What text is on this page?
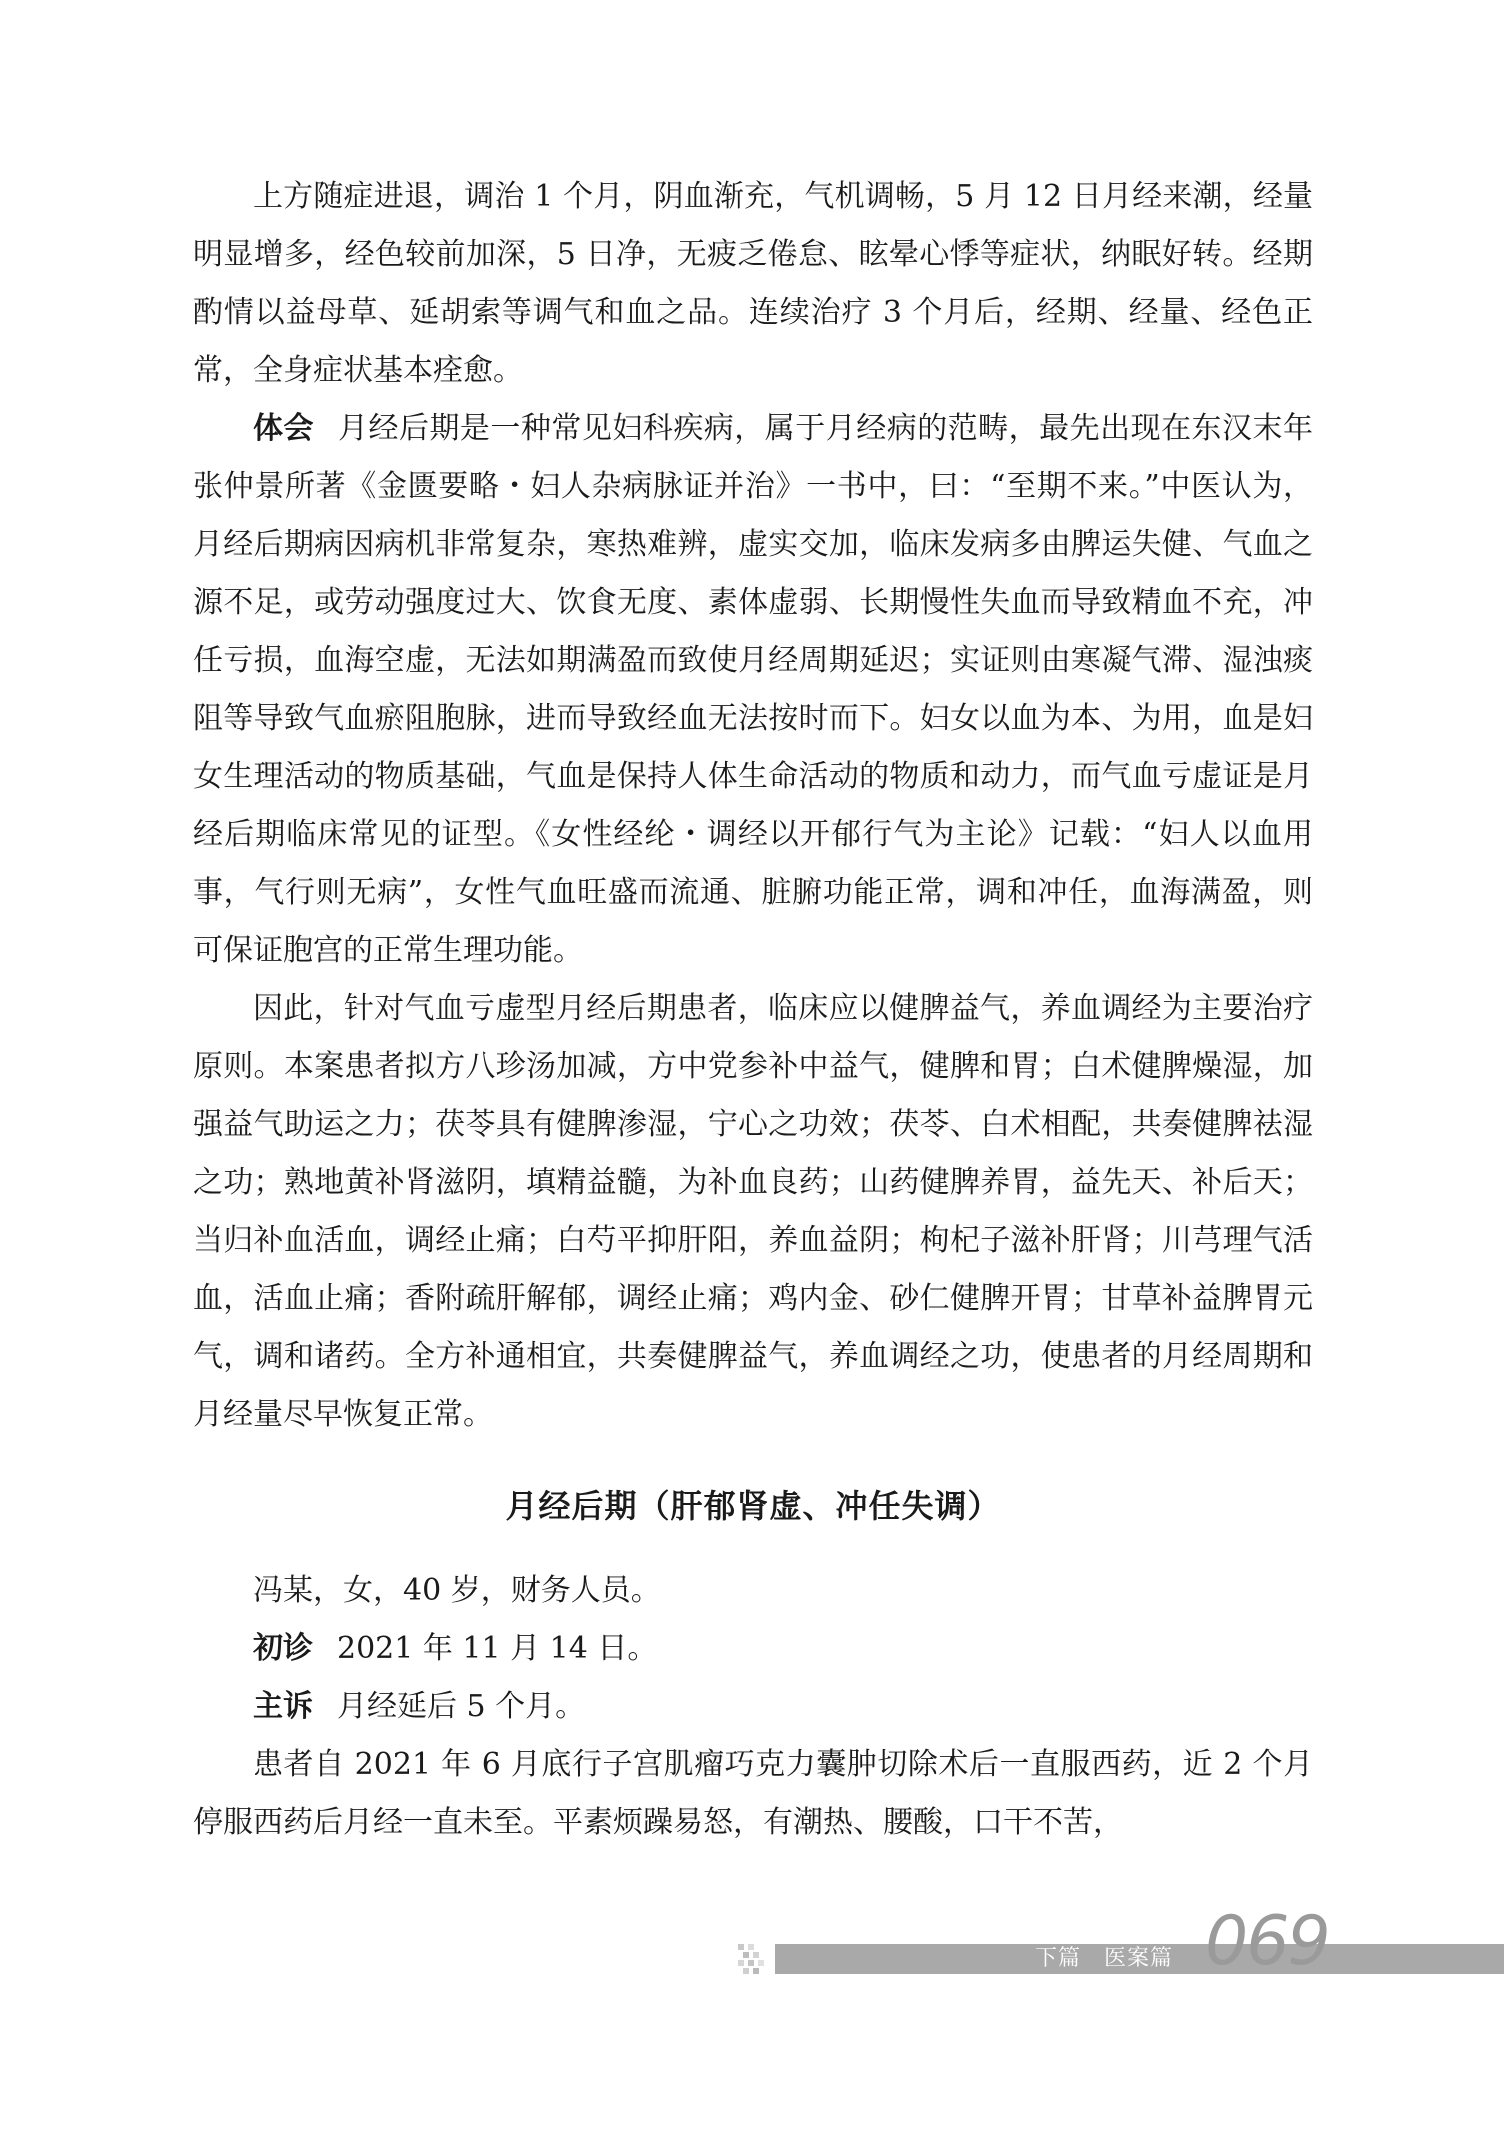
上方随症进退，调治 1 个月，阴血渐充，气机调畅，5 月 12 日月经来潮，经量明显增多，经色较前加深，5 日净，无疲乏倦怠、眩晕心悸等症状，纳眠好转。经期酌情以益母草、延胡索等调气和血之品。连续治疗 3 个月后，经期、经量、经色正常，全身症状基本痊愈。

体会 月经后期是一种常见妇科疾病，属于月经病的范畴，最先出现在东汉末年张仲景所著《金匮要略・妇人杂病脉证并治》一书中，曰：“至期不来。”中医认为，月经后期病因病机非常复杂，寒热难辨，虚实交加，临床发病多由脾运失健、气血之源不足，或劳动强度过大、饮食无度、素体虚弱、长期慢性失血而导致精血不充，冲任亏损，血海空虚，无法如期满盈而致使月经周期延迟；实证则由寒凝气滞、湿浊痰阻等导致气血瘀阻胞脉，进而导致经血无法按时而下。妇女以血为本、为用，血是妇女生理活动的物质基础，气血是保持人体生命活动的物质和动力，而气血亏虚证是月经后期临床常见的证型。《女性经纶・调经以开郁行气为主论》记载：“妇人以血用事，气行则无病”，女性气血旺盛而流通、脏腑功能正常，调和冲任，血海满盈，则可保证胞宫的正常生理功能。

因此，针对气血亏虚型月经后期患者，临床应以健脾益气，养血调经为主要治疗原则。本案患者拟方八珍汤加减，方中党参补中益气，健脾和胃；白术健脾燥湿，加强益气助运之力；茯苓具有健脾渗湿，宁心之功效；茯苓、白术相配，共奏健脾祛湿之功；熟地黄补肾滋阴，填精益髓，为补血良药；山药健脾养胃，益先天、补后天；当归补血活血，调经止痛；白芍平抑肝阳，养血益阴；枸杞子滋补肝肾；川芎理气活血，活血止痛；香附疏肝解郁，调经止痛；鸡内金、砂仁健脾开胃；甘草补益脾胃元气，调和诸药。全方补通相宜，共奏健脾益气，养血调经之功，使患者的月经周期和月经量尽早恢复正常。

月经后期（肝郁肾虚、冲任失调）

冯某，女，40 岁，财务人员。

初诊 2021 年 11 月 14 日。

主诉 月经延后 5 个月。

患者自 2021 年 6 月底行子宫肌瘤巧克力囊肿切除术后一直服西药，近 2 个月停服西药后月经一直未至。平素烦躁易怒，有潮热、腰酸，口干不苦，

下篇　医案篇 069
